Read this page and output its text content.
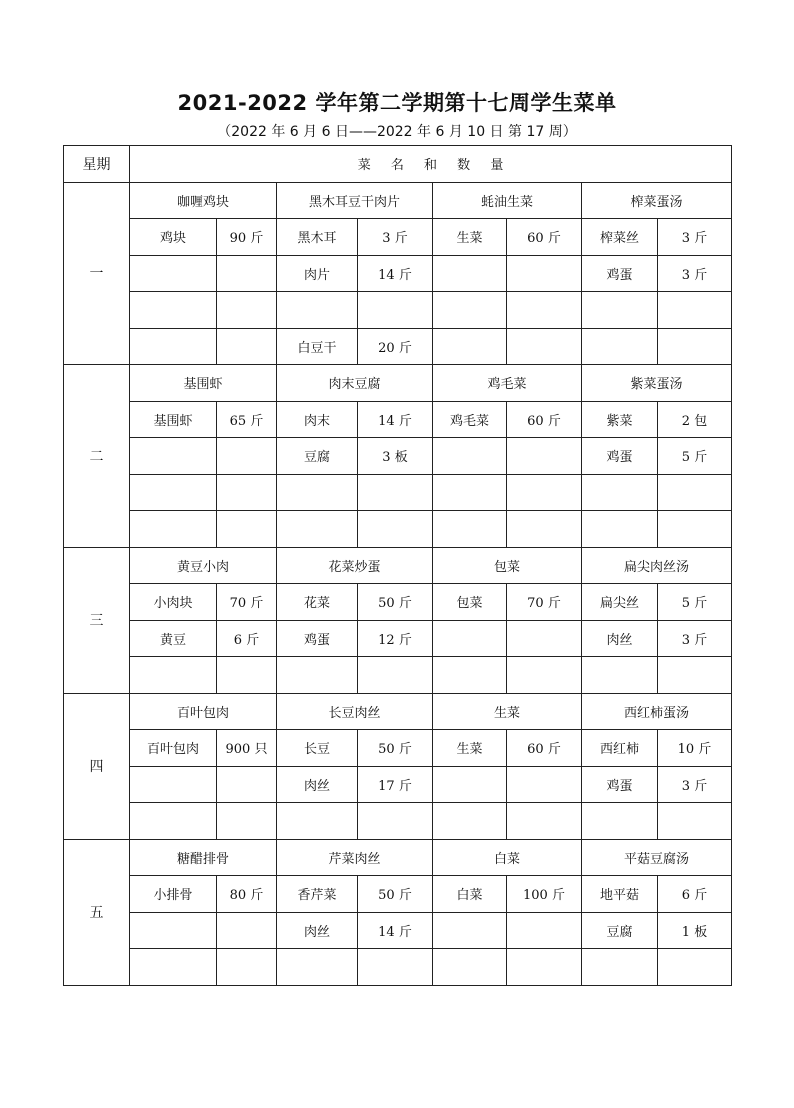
2021-2022 学年第二学期第十七周学生菜单
（2022 年 6 月 6 日——2022 年 6 月 10 日 第 17 周）
星期	菜 名 和 数 量							
一	咖喱鸡块		黑木耳豆干肉片		蚝油生菜		榨菜蛋汤	
	鸡块	90 斤	黑木耳	3 斤	生菜	60 斤	榨菜丝	3 斤
			肉片	14 斤			鸡蛋	3 斤

			白豆干	20 斤				
二	基围虾		肉末豆腐		鸡毛菜		紫菜蛋汤	
	基围虾	65 斤	肉末	14 斤	鸡毛菜	60 斤	紫菜	2 包
			豆腐	3 板			鸡蛋	5 斤

三	黄豆小肉		花菜炒蛋		包菜		扁尖肉丝汤	
	小肉块	70 斤	花菜	50 斤	包菜	70 斤	扁尖丝	5 斤
	黄豆	6 斤	鸡蛋	12 斤			肉丝	3 斤

四	百叶包肉		长豆肉丝		生菜		西红柿蛋汤	
	百叶包肉	900 只	长豆	50 斤	生菜	60 斤	西红柿	10 斤
			肉丝	17 斤			鸡蛋	3 斤

五	糖醋排骨		芹菜肉丝		白菜		平菇豆腐汤	
	小排骨	80 斤	香芹菜	50 斤	白菜	100 斤	地平菇	6 斤
			肉丝	14 斤			豆腐	1 板
